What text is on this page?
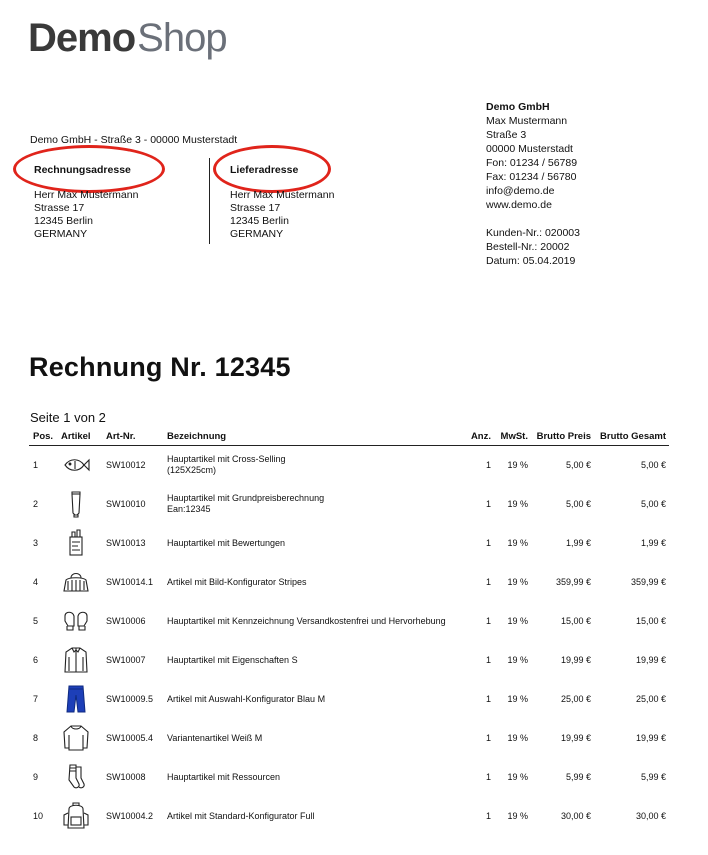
DemoShop
Demo GmbH - Straße 3 - 00000 Musterstadt
Rechnungsadresse
Herr Max Mustermann
Strasse 17
12345 Berlin
GERMANY
Lieferadresse
Herr Max Mustermann
Strasse 17
12345 Berlin
GERMANY
Demo GmbH
Max Mustermann
Straße 3
00000 Musterstadt
Fon: 01234 / 56789
Fax: 01234 / 56780
info@demo.de
www.demo.de
Kunden-Nr.: 020003
Bestell-Nr.: 20002
Datum: 05.04.2019
Rechnung Nr. 12345
Seite 1 von 2
Pos. Artikel Art-Nr.	Bezeichnung	Anz. MwSt. Brutto Preis Brutto Gesamt
1	SW10012
Hauptartikel mit Cross-Selling
(125X25cm)	1 19 %	5,00 €	5,00 €
2	SW10010
Hauptartikel mit Grundpreisberechnung
Ean:12345	1 19 %	5,00 €	5,00 €
3	SW10013 Hauptartikel mit Bewertungen	1 19 %	1,99 €	1,99 €
4	SW10014.1 Artikel mit Bild-Konfigurator Stripes	1 19 %	359,99 €	359,99 €
5	SW10006 Hauptartikel mit Kennzeichnung Versandkostenfrei und Hervorhebung	1 19 %	15,00 €	15,00 €
6	SW10007 Hauptartikel mit Eigenschaften S	1 19 %	19,99 €	19,99 €
7	SW10009.5 Artikel mit Auswahl-Konfigurator Blau M	1 19 %	25,00 €	25,00 €
8	SW10005.4 Variantenartikel Weiß M	1 19 %	19,99 €	19,99 €
9	SW10008 Hauptartikel mit Ressourcen	1 19 %	5,99 €	5,99 €
10	SW10004.2 Artikel mit Standard-Konfigurator Full	1 19 %	30,00 €	30,00 €
